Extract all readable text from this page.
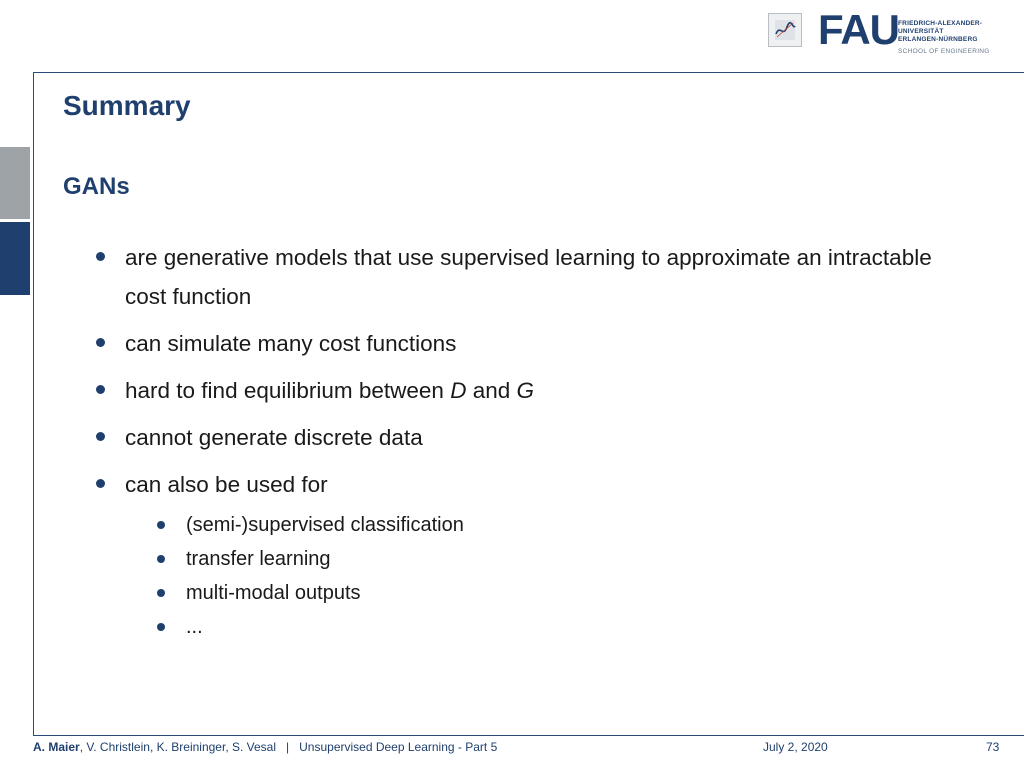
FAU FRIEDRICH-ALEXANDER-
UNIVERSITÄT
ERLANGEN-NÜRNBERG
SCHOOL OF ENGINEERING
Summary
GANs
are generative models that use supervised learning to approximate an intractable cost function
can simulate many cost functions
hard to find equilibrium between D and G
cannot generate discrete data
can also be used for
(semi-)supervised classification
transfer learning
multi-modal outputs
...
A. Maier, V. Christlein, K. Breininger, S. Vesal   |   Unsupervised Deep Learning - Part 5	July 2, 2020	73
